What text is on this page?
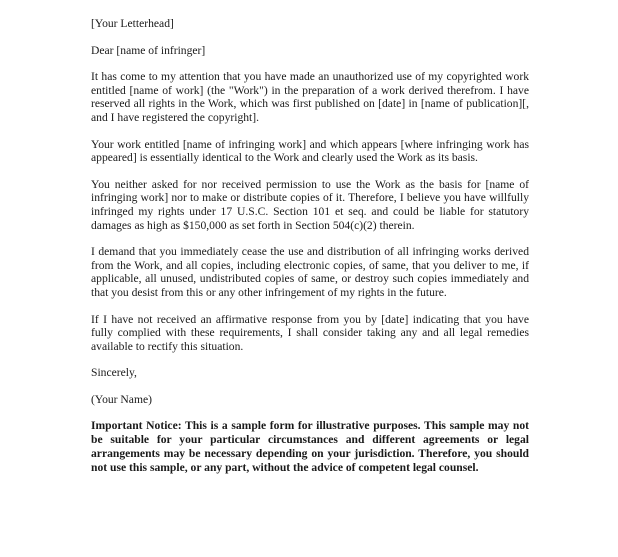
[Your Letterhead]

Dear [name of infringer]

It has come to my attention that you have made an unauthorized use of my copyrighted work entitled [name of work] (the "Work") in the preparation of a work derived therefrom. I have reserved all rights in the Work, which was first published on [date] in [name of publication][, and I have registered the copyright].

Your work entitled [name of infringing work] and which appears [where infringing work has appeared] is essentially identical to the Work and clearly used the Work as its basis.

You neither asked for nor received permission to use the Work as the basis for [name of infringing work] nor to make or distribute copies of it. Therefore, I believe you have willfully infringed my rights under 17 U.S.C. Section 101 et seq. and could be liable for statutory damages as high as $150,000 as set forth in Section 504(c)(2) therein.

I demand that you immediately cease the use and distribution of all infringing works derived from the Work, and all copies, including electronic copies, of same, that you deliver to me, if applicable, all unused, undistributed copies of same, or destroy such copies immediately and that you desist from this or any other infringement of my rights in the future.

If I have not received an affirmative response from you by [date] indicating that you have fully complied with these requirements, I shall consider taking any and all legal remedies available to rectify this situation.

Sincerely,

(Your Name)

Important Notice: This is a sample form for illustrative purposes. This sample may not be suitable for your particular circumstances and different agreements or legal arrangements may be necessary depending on your jurisdiction. Therefore, you should not use this sample, or any part, without the advice of competent legal counsel.
